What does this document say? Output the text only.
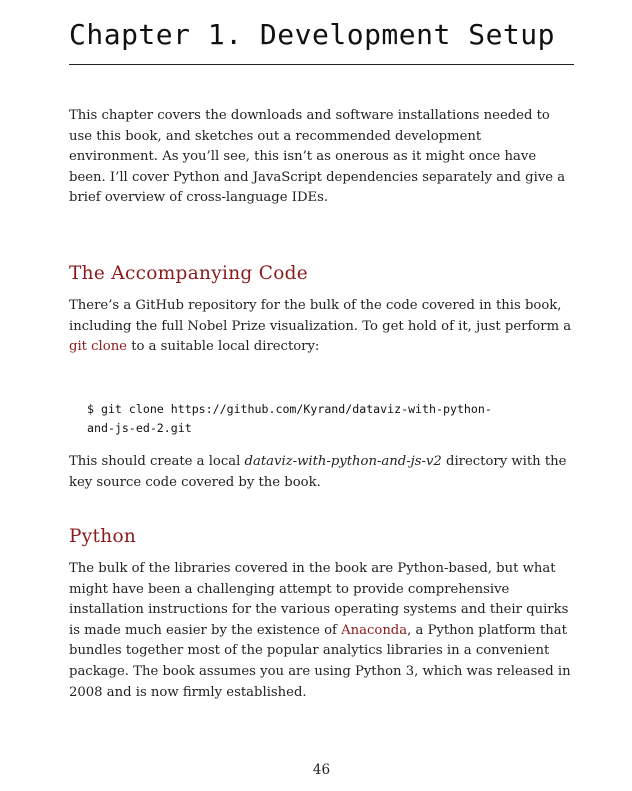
Chapter 1. Development Setup

This chapter covers the downloads and software installations needed to use this book, and sketches out a recommended development environment. As you’ll see, this isn’t as onerous as it might once have been. I’ll cover Python and JavaScript dependencies separately and give a brief overview of cross-language IDEs.

The Accompanying Code

There’s a GitHub repository for the bulk of the code covered in this book, including the full Nobel Prize visualization. To get hold of it, just perform a git clone to a suitable local directory:

$ git clone https://github.com/Kyrand/dataviz-with-python-
and-js-ed-2.git

This should create a local dataviz-with-python-and-js-v2 directory with the key source code covered by the book.

Python

The bulk of the libraries covered in the book are Python-based, but what might have been a challenging attempt to provide comprehensive installation instructions for the various operating systems and their quirks is made much easier by the existence of Anaconda, a Python platform that bundles together most of the popular analytics libraries in a convenient package. The book assumes you are using Python 3, which was released in 2008 and is now firmly established.

46
